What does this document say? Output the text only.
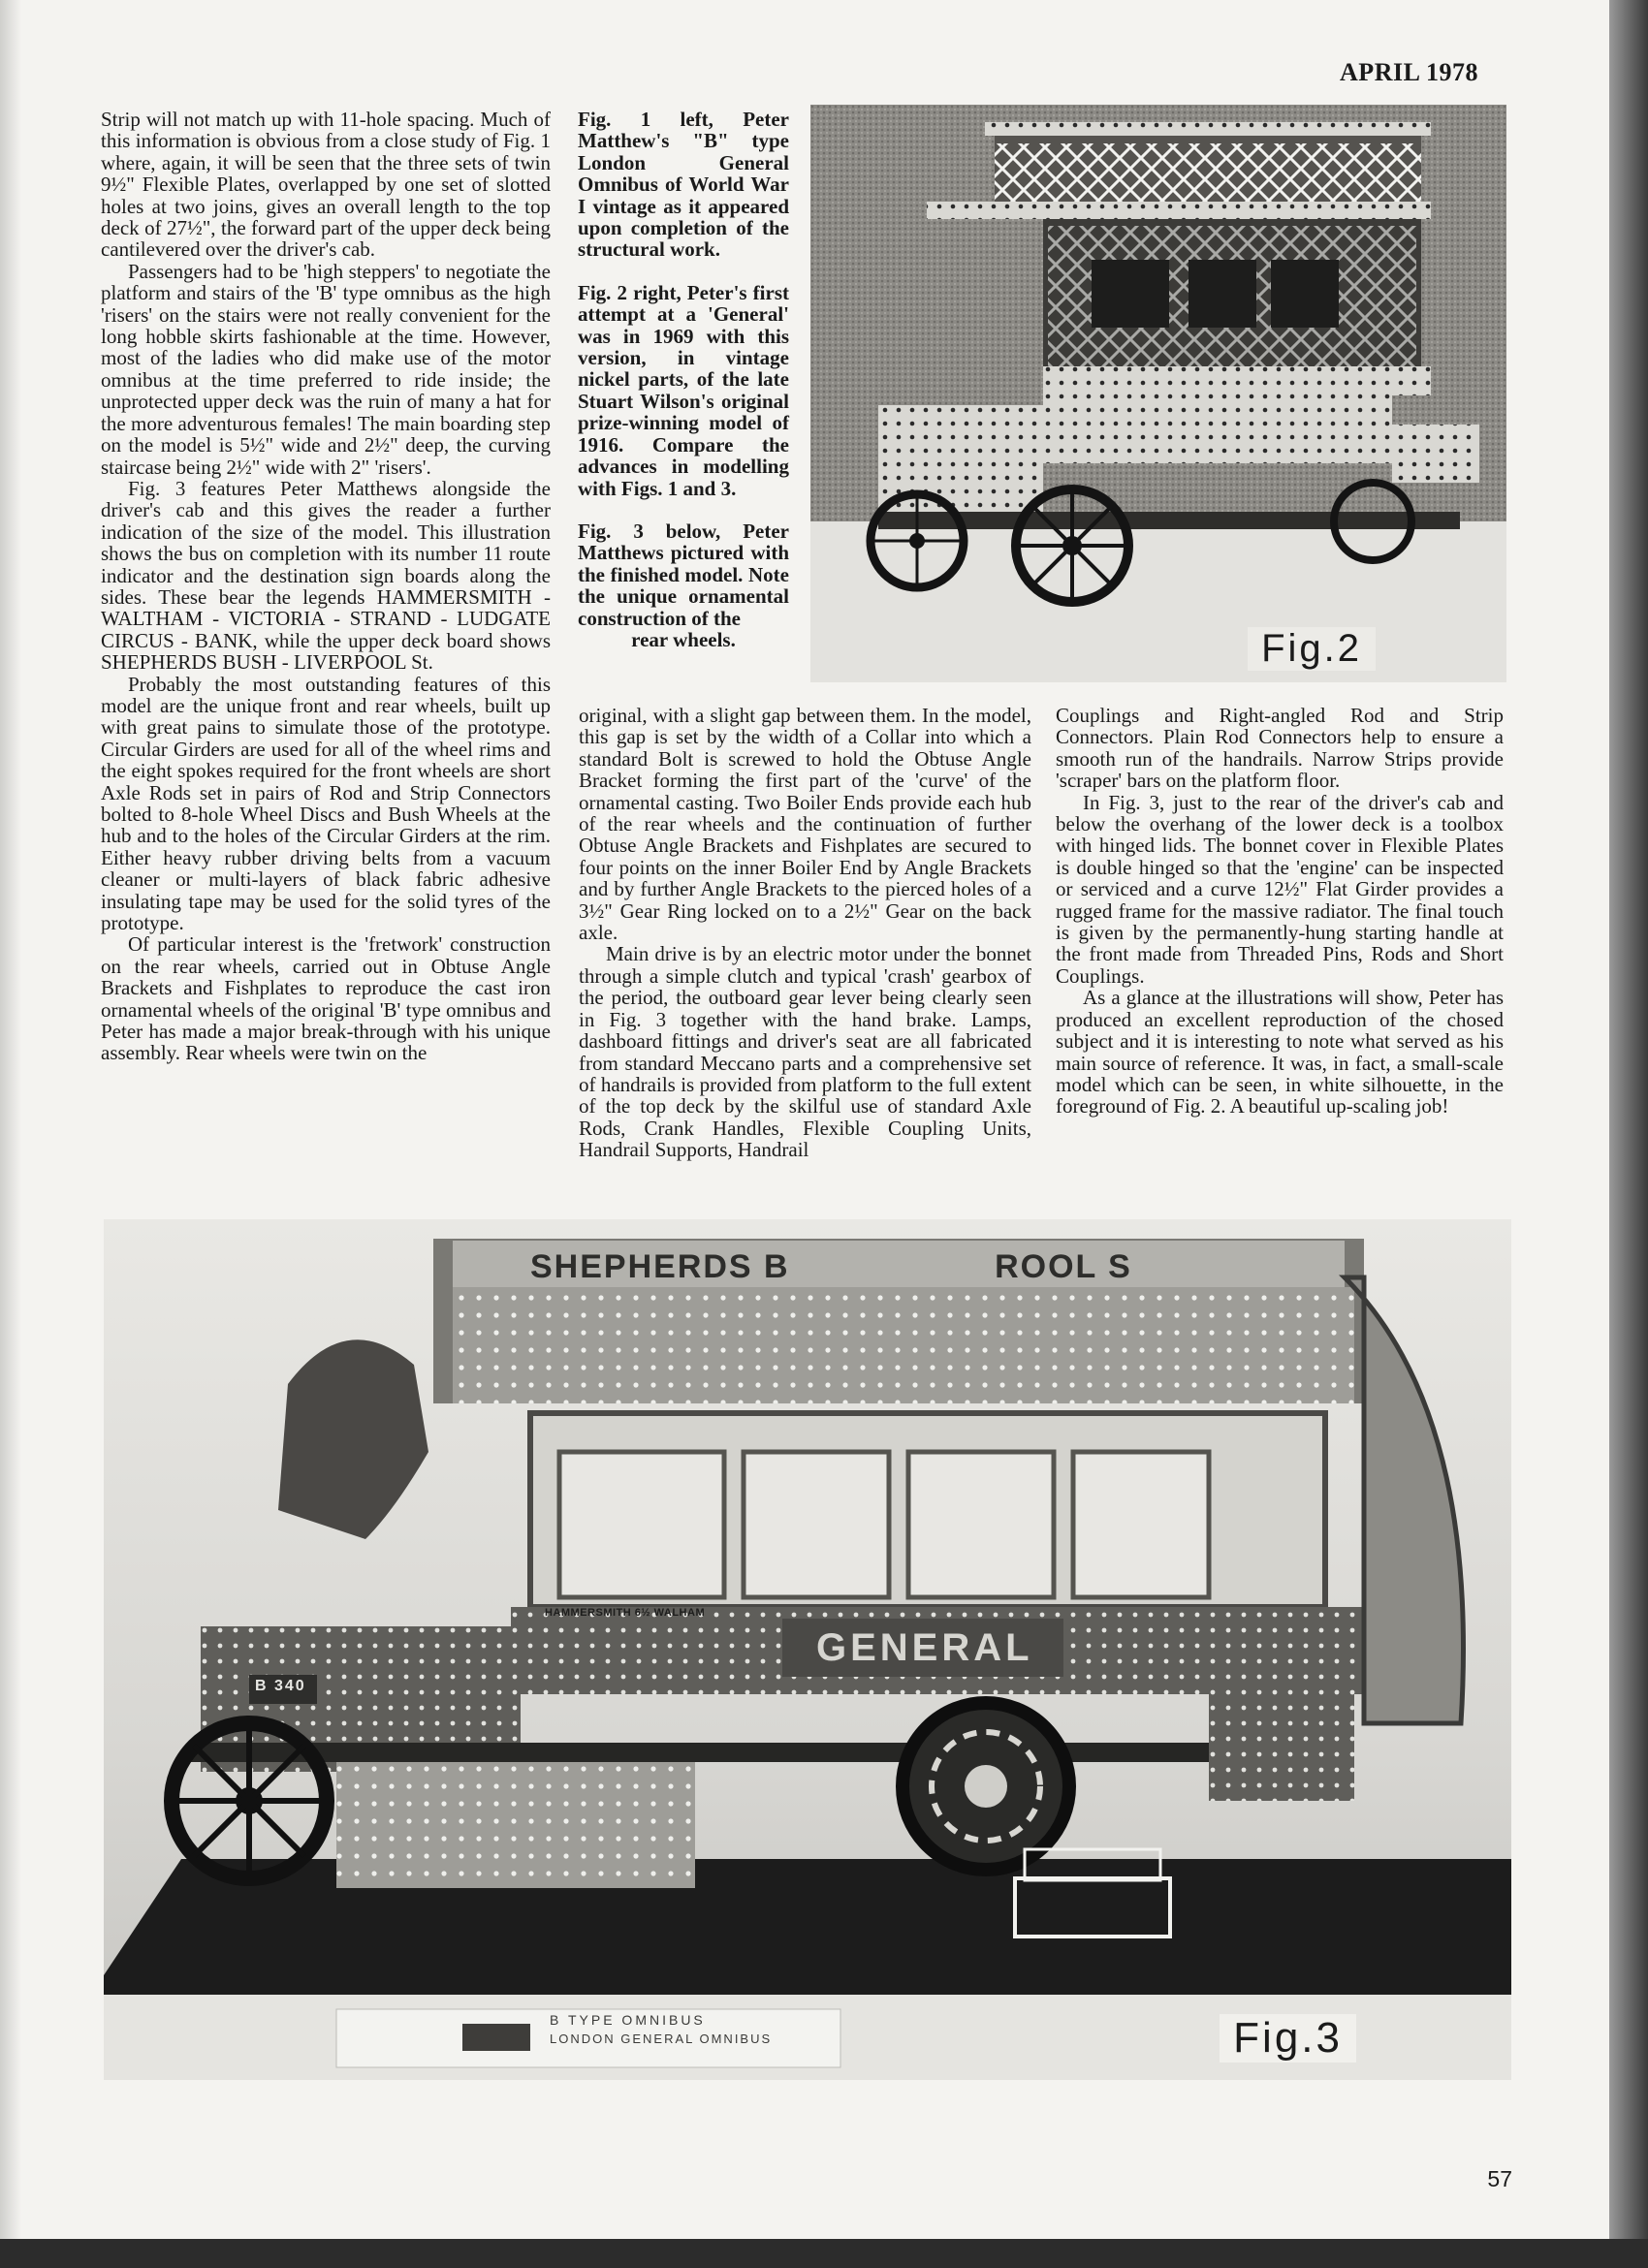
APRIL 1978

Strip will not match up with 11-hole spacing. Much of this information is obvious from a close study of Fig. 1 where, again, it will be seen that the three sets of twin 9½" Flexible Plates, overlapped by one set of slotted holes at two joins, gives an overall length to the top deck of 27½", the forward part of the upper deck being cantilevered over the driver's cab.

Passengers had to be 'high steppers' to negotiate the platform and stairs of the 'B' type omnibus as the high 'risers' on the stairs were not really convenient for the long hobble skirts fashionable at the time. However, most of the ladies who did make use of the motor omnibus at the time preferred to ride inside; the unprotected upper deck was the ruin of many a hat for the more adventurous females! The main boarding step on the model is 5½" wide and 2½" deep, the curving staircase being 2½" wide with 2" 'risers'.

Fig. 3 features Peter Matthews alongside the driver's cab and this gives the reader a further indication of the size of the model. This illustration shows the bus on completion with its number 11 route indicator and the destination sign boards along the sides. These bear the legends HAMMERSMITH - WALTHAM - VICTORIA - STRAND - LUDGATE CIRCUS - BANK, while the upper deck board shows SHEPHERDS BUSH - LIVERPOOL St.

Probably the most outstanding features of this model are the unique front and rear wheels, built up with great pains to simulate those of the prototype. Circular Girders are used for all of the wheel rims and the eight spokes required for the front wheels are short Axle Rods set in pairs of Rod and Strip Connectors bolted to 8-hole Wheel Discs and Bush Wheels at the hub and to the holes of the Circular Girders at the rim. Either heavy rubber driving belts from a vacuum cleaner or multi-layers of black fabric adhesive insulating tape may be used for the solid tyres of the prototype.

Of particular interest is the 'fretwork' construction on the rear wheels, carried out in Obtuse Angle Brackets and Fishplates to reproduce the cast iron ornamental wheels of the original 'B' type omnibus and Peter has made a major break-through with his unique assembly. Rear wheels were twin on the

Fig. 1 left, Peter Matthew's "B" type London General Omnibus of World War I vintage as it appeared upon completion of the structural work.

Fig. 2 right, Peter's first attempt at a 'General' was in 1969 with this version, in vintage nickel parts, of the late Stuart Wilson's original prize-winning model of 1916. Compare the advances in modelling with Figs. 1 and 3.

Fig. 3 below, Peter Matthews pictured with the finished model. Note the unique ornamental construction of the
rear wheels.	Fig.2

original, with a slight gap between them. In the model, this gap is set by the width of a Collar into which a standard Bolt is screwed to hold the Obtuse Angle Bracket forming the first part of the 'curve' of the ornamental casting. Two Boiler Ends provide each hub of the rear wheels and the continuation of further Obtuse Angle Brackets and Fishplates are secured to four points on the inner Boiler End by Angle Brackets and by further Angle Brackets to the pierced holes of a 3½" Gear Ring locked on to a 2½" Gear on the back axle.

Main drive is by an electric motor under the bonnet through a simple clutch and typical 'crash' gearbox of the period, the outboard gear lever being clearly seen in Fig. 3 together with the hand brake. Lamps, dashboard fittings and driver's seat are all fabricated from standard Meccano parts and a comprehensive set of handrails is provided from platform to the full extent of the top deck by the skilful use of standard Axle Rods, Crank Handles, Flexible Coupling Units, Handrail Supports, Handrail

Couplings and Right-angled Rod and Strip Connectors. Plain Rod Connectors help to ensure a smooth run of the handrails. Narrow Strips provide 'scraper' bars on the platform floor.

In Fig. 3, just to the rear of the driver's cab and below the overhang of the lower deck is a toolbox with hinged lids. The bonnet cover in Flexible Plates is double hinged so that the 'engine' can be inspected or serviced and a curve 12½" Flat Girder provides a rugged frame for the massive radiator. The final touch is given by the permanently-hung starting handle at the front made from Threaded Pins, Rods and Short Couplings.

As a glance at the illustrations will show, Peter has produced an excellent reproduction of the chosed subject and it is interesting to note what served as his main source of reference. It was, in fact, a small-scale model which can be seen, in white silhouette, in the foreground of Fig. 2. A beautiful up-scaling job!

SHEPHERDS B	ROOL S
GENERAL
HAMMERSMITH 6½ WALHAM
B 340
B TYPE OMNIBUS
LONDON GENERAL OMNIBUS	Fig.3
57
